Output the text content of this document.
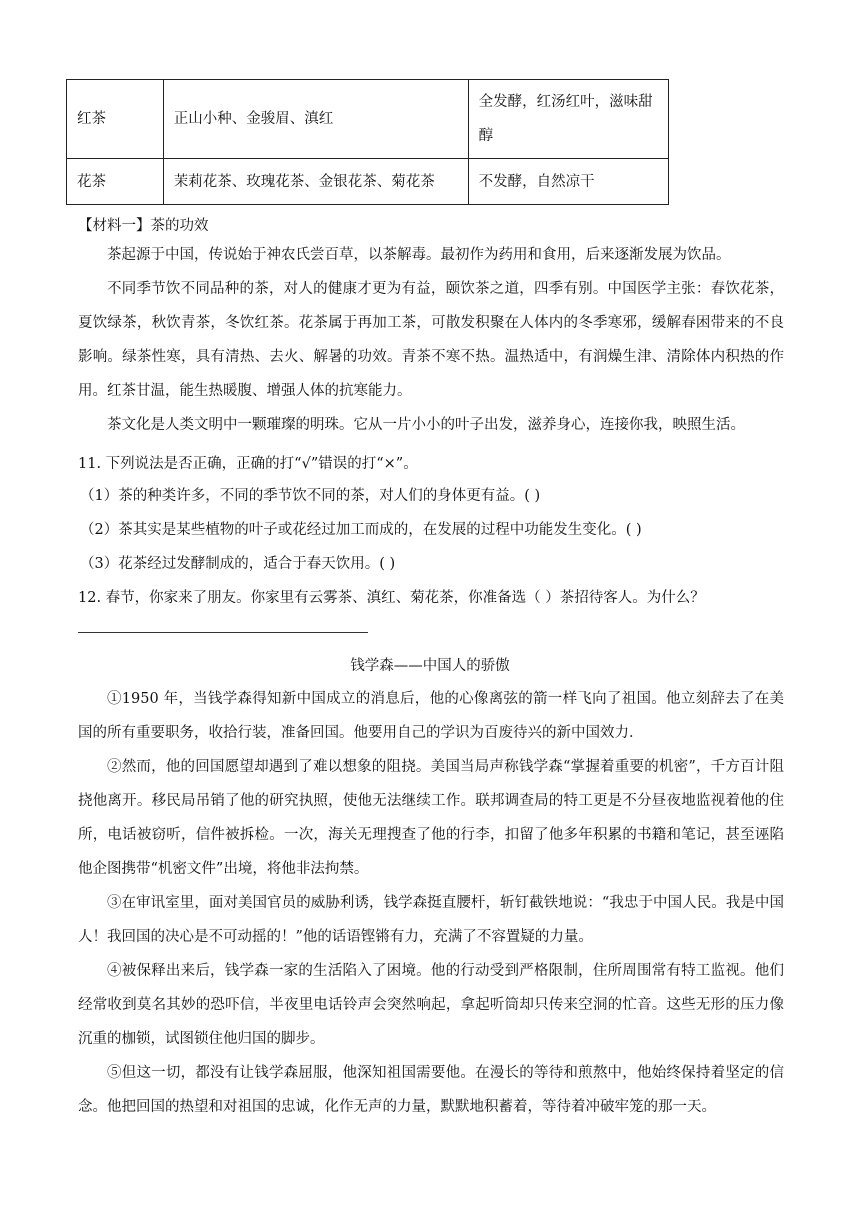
红茶	正山小种、金骏眉、滇红	全发酵，红汤红叶，滋味甜醇
花茶	茉莉花茶、玫瑰花茶、金银花茶、菊花茶	不发酵，自然凉干
【材料一】茶的功效
茶起源于中国，传说始于神农氏尝百草，以茶解毒。最初作为药用和食用，后来逐渐发展为饮品。
不同季节饮不同品种的茶，对人的健康才更为有益，颐饮茶之道，四季有别。中国医学主张：春饮花茶，夏饮绿茶，秋饮青茶，冬饮红茶。花茶属于再加工茶，可散发积聚在人体内的冬季寒邪，缓解春困带来的不良影响。绿茶性寒，具有清热、去火、解暑的功效。青茶不寒不热。温热适中，有润燥生津、清除体内积热的作用。红茶甘温，能生热暖腹、增强人体的抗寒能力。
茶文化是人类文明中一颗璀璨的明珠。它从一片小小的叶子出发，滋养身心，连接你我，映照生活。
11. 下列说法是否正确，正确的打“√”错误的打“×”。
（1）茶的种类许多，不同的季节饮不同的茶，对人们的身体更有益。( )
（2）茶其实是某些植物的叶子或花经过加工而成的，在发展的过程中功能发生变化。( )
（3）花茶经过发酵制成的，适合于春天饮用。( )
12. 春节，你家来了朋友。你家里有云雾茶、滇红、菊花茶，你准备选（ ）茶招待客人。为什么？
钱学森——中国人的骄傲
①1950 年，当钱学森得知新中国成立的消息后，他的心像离弦的箭一样飞向了祖国。他立刻辞去了在美国的所有重要职务，收拾行装，准备回国。他要用自己的学识为百废待兴的新中国效力．
②然而，他的回国愿望却遇到了难以想象的阻挠。美国当局声称钱学森“掌握着重要的机密”，千方百计阻挠他离开。移民局吊销了他的研究执照，使他无法继续工作。联邦调查局的特工更是不分昼夜地监视着他的住所，电话被窃听，信件被拆检。一次，海关无理搜查了他的行李，扣留了他多年积累的书籍和笔记，甚至诬陷他企图携带“机密文件”出境，将他非法拘禁。
③在审讯室里，面对美国官员的威胁利诱，钱学森挺直腰杆，斩钉截铁地说：“我忠于中国人民。我是中国人！我回国的决心是不可动摇的！”他的话语铿锵有力，充满了不容置疑的力量。
④被保释出来后，钱学森一家的生活陷入了困境。他的行动受到严格限制，住所周围常有特工监视。他们经常收到莫名其妙的恐吓信，半夜里电话铃声会突然响起，拿起听筒却只传来空洞的忙音。这些无形的压力像沉重的枷锁，试图锁住他归国的脚步。
⑤但这一切，都没有让钱学森屈服，他深知祖国需要他。在漫长的等待和煎熬中，他始终保持着坚定的信念。他把回国的热望和对祖国的忠诚，化作无声的力量，默默地积蓄着，等待着冲破牢笼的那一天。
